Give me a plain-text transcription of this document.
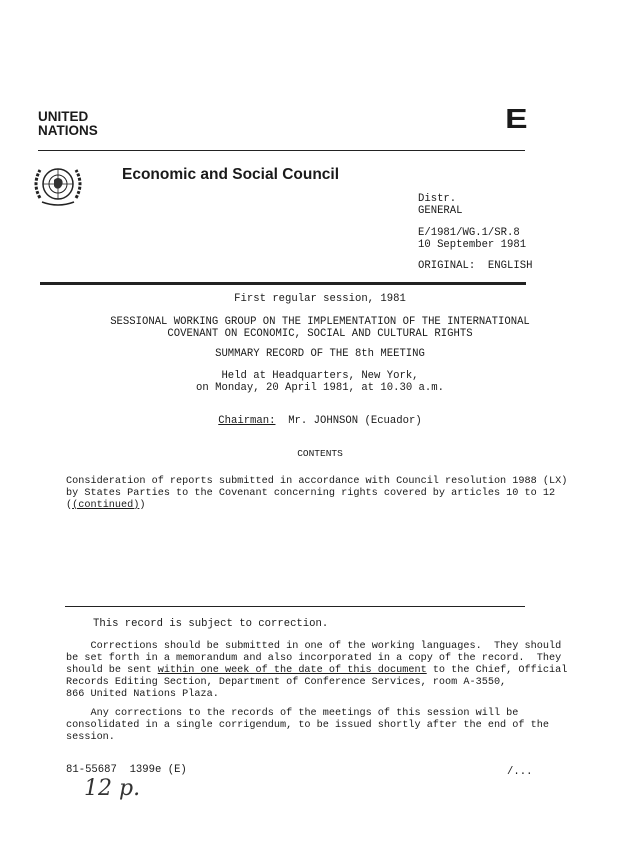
UNITED
NATIONS	E
Economic and Social Council
Distr.
GENERAL
E/1981/WG.1/SR.8
10 September 1981
ORIGINAL:  ENGLISH
First regular session, 1981
SESSIONAL WORKING GROUP ON THE IMPLEMENTATION OF THE INTERNATIONAL
COVENANT ON ECONOMIC, SOCIAL AND CULTURAL RIGHTS
SUMMARY RECORD OF THE 8th MEETING
Held at Headquarters, New York,
on Monday, 20 April 1981, at 10.30 a.m.
Chairman: Mr. JOHNSON (Ecuador)
CONTENTS
Consideration of reports submitted in accordance with Council resolution 1988 (LX)
by States Parties to the Covenant concerning rights covered by articles 10 to 12
((continued))
This record is subject to correction.
Corrections should be submitted in one of the working languages.  They should
be set forth in a memorandum and also incorporated in a copy of the record.  They
should be sent within one week of the date of this document to the Chief, Official
Records Editing Section, Department of Conference Services, room A-3550,
866 United Nations Plaza.
Any corrections to the records of the meetings of this session will be
consolidated in a single corrigendum, to be issued shortly after the end of the
session.
81-55687  1399e (E)	/...
12 p.
